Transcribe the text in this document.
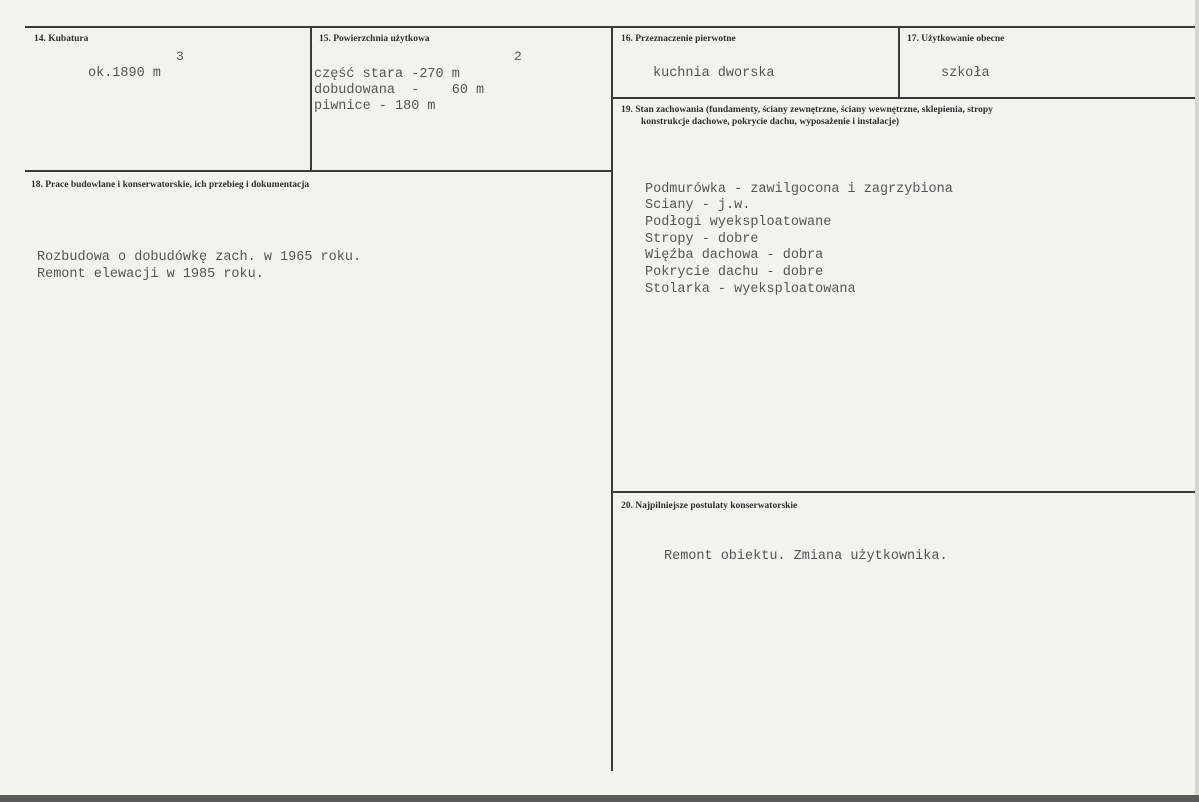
14. Kubatura
3
ok.1890 m
15. Powierzchnia użytkowa
2
część stara -270 m
dobudowana  -    60 m
piwnice - 180 m
16. Przeznaczenie pierwotne
kuchnia dworska
17. Użytkowanie obecne
szkoła
18. Prace budowlane i konserwatorskie, ich przebieg i dokumentacja
Rozbudowa o dobudówkę zach. w 1965 roku.
Remont elewacji w 1985 roku.
19. Stan zachowania (fundamenty, ściany zewnętrzne, ściany wewnętrzne, sklepienia, stropy
konstrukcje dachowe, pokrycie dachu, wyposażenie i instalacje)
Podmurówka - zawilgocona i zagrzybiona
Sciany - j.w.
Podłogi wyeksploatowane
Stropy - dobre
Więźba dachowa - dobra
Pokrycie dachu - dobre
Stolarka - wyeksploatowana
20. Najpilniejsze postulaty konserwatorskie
Remont obiektu. Zmiana użytkownika.
